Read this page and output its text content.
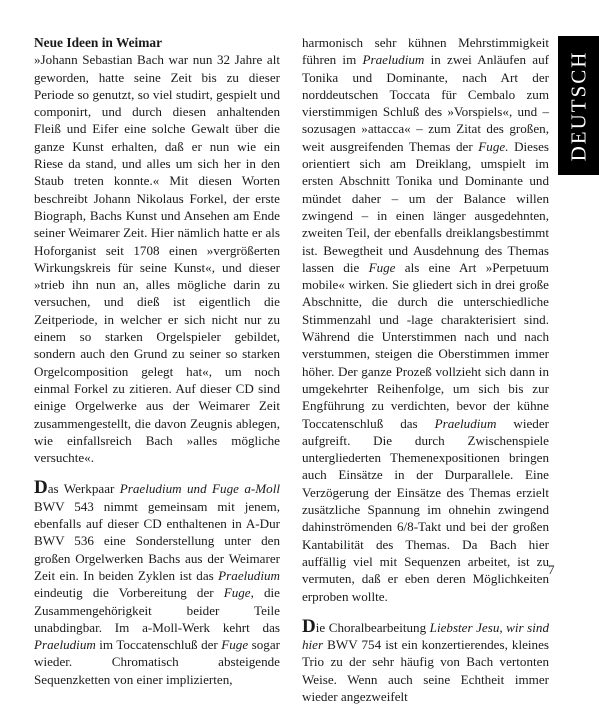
Neue Ideen in Weimar

»Johann Sebastian Bach war nun 32 Jahre alt geworden, hatte seine Zeit bis zu dieser Periode so genutzt, so viel studirt, gespielt und componirt, und durch diesen anhaltenden Fleiß und Eifer eine solche Gewalt über die ganze Kunst erhalten, daß er nun wie ein Riese da stand, und alles um sich her in den Staub treten konnte.« Mit diesen Worten beschreibt Johann Nikolaus Forkel, der erste Biograph, Bachs Kunst und Ansehen am Ende seiner Weimarer Zeit. Hier nämlich hatte er als Hoforganist seit 1708 einen »vergrößerten Wirkungskreis für seine Kunst«, und dieser »trieb ihn nun an, alles mögliche darin zu versuchen, und dieß ist eigentlich die Zeitperiode, in welcher er sich nicht nur zu einem so starken Orgelspieler gebildet, sondern auch den Grund zu seiner so starken Orgelcomposition gelegt hat«, um noch einmal Forkel zu zitieren. Auf dieser CD sind einige Orgelwerke aus der Weimarer Zeit zusammengestellt, die davon Zeugnis ablegen, wie einfallsreich Bach »alles mögliche versuchte«.

Das Werkpaar Praeludium und Fuge a-Moll BWV 543 nimmt gemeinsam mit jenem, ebenfalls auf dieser CD enthaltenen in A-Dur BWV 536 eine Sonderstellung unter den großen Orgelwerken Bachs aus der Weimarer Zeit ein. In beiden Zyklen ist das Praeludium eindeutig die Vorbereitung der Fuge, die Zusammengehörigkeit beider Teile unabdingbar. Im a-Moll-Werk kehrt das Praeludium im Toccatenschluß der Fuge sogar wieder. Chromatisch absteigende Sequenzketten von einer implizierten,

harmonisch sehr kühnen Mehrstimmigkeit führen im Praeludium in zwei Anläufen auf Tonika und Dominante, nach Art der norddeutschen Toccata für Cembalo zum vierstimmigen Schluß des »Vorspiels«, und – sozusagen »attacca« – zum Zitat des großen, weit ausgreifenden Themas der Fuge. Dieses orientiert sich am Dreiklang, umspielt im ersten Abschnitt Tonika und Dominante und mündet daher – um der Balance willen zwingend – in einen länger ausgedehnten, zweiten Teil, der ebenfalls dreiklangsbestimmt ist. Bewegtheit und Ausdehnung des Themas lassen die Fuge als eine Art »Perpetuum mobile« wirken. Sie gliedert sich in drei große Abschnitte, die durch die unterschiedliche Stimmenzahl und -lage charakterisiert sind. Während die Unterstimmen nach und nach verstummen, steigen die Oberstimmen immer höher. Der ganze Prozeß vollzieht sich dann in umgekehrter Reihenfolge, um sich bis zur Engführung zu verdichten, bevor der kühne Toccatenschluß das Praeludium wieder aufgreift. Die durch Zwischenspiele untergliederten Themenexpositionen bringen auch Einsätze in der Durparallele. Eine Verzögerung der Einsätze des Themas erzielt zusätzliche Spannung im ohnehin zwingend dahinströmenden 6/8-Takt und bei der großen Kantabilität des Themas. Da Bach hier auffällig viel mit Sequenzen arbeitet, ist zu vermuten, daß er eben deren Möglichkeiten erproben wollte.

Die Choralbearbeitung Liebster Jesu, wir sind hier BWV 754 ist ein konzertierendes, kleines Trio zu der sehr häufig von Bach vertonten Weise. Wenn auch seine Echtheit immer wieder angezweifelt

DEUTSCH
7
